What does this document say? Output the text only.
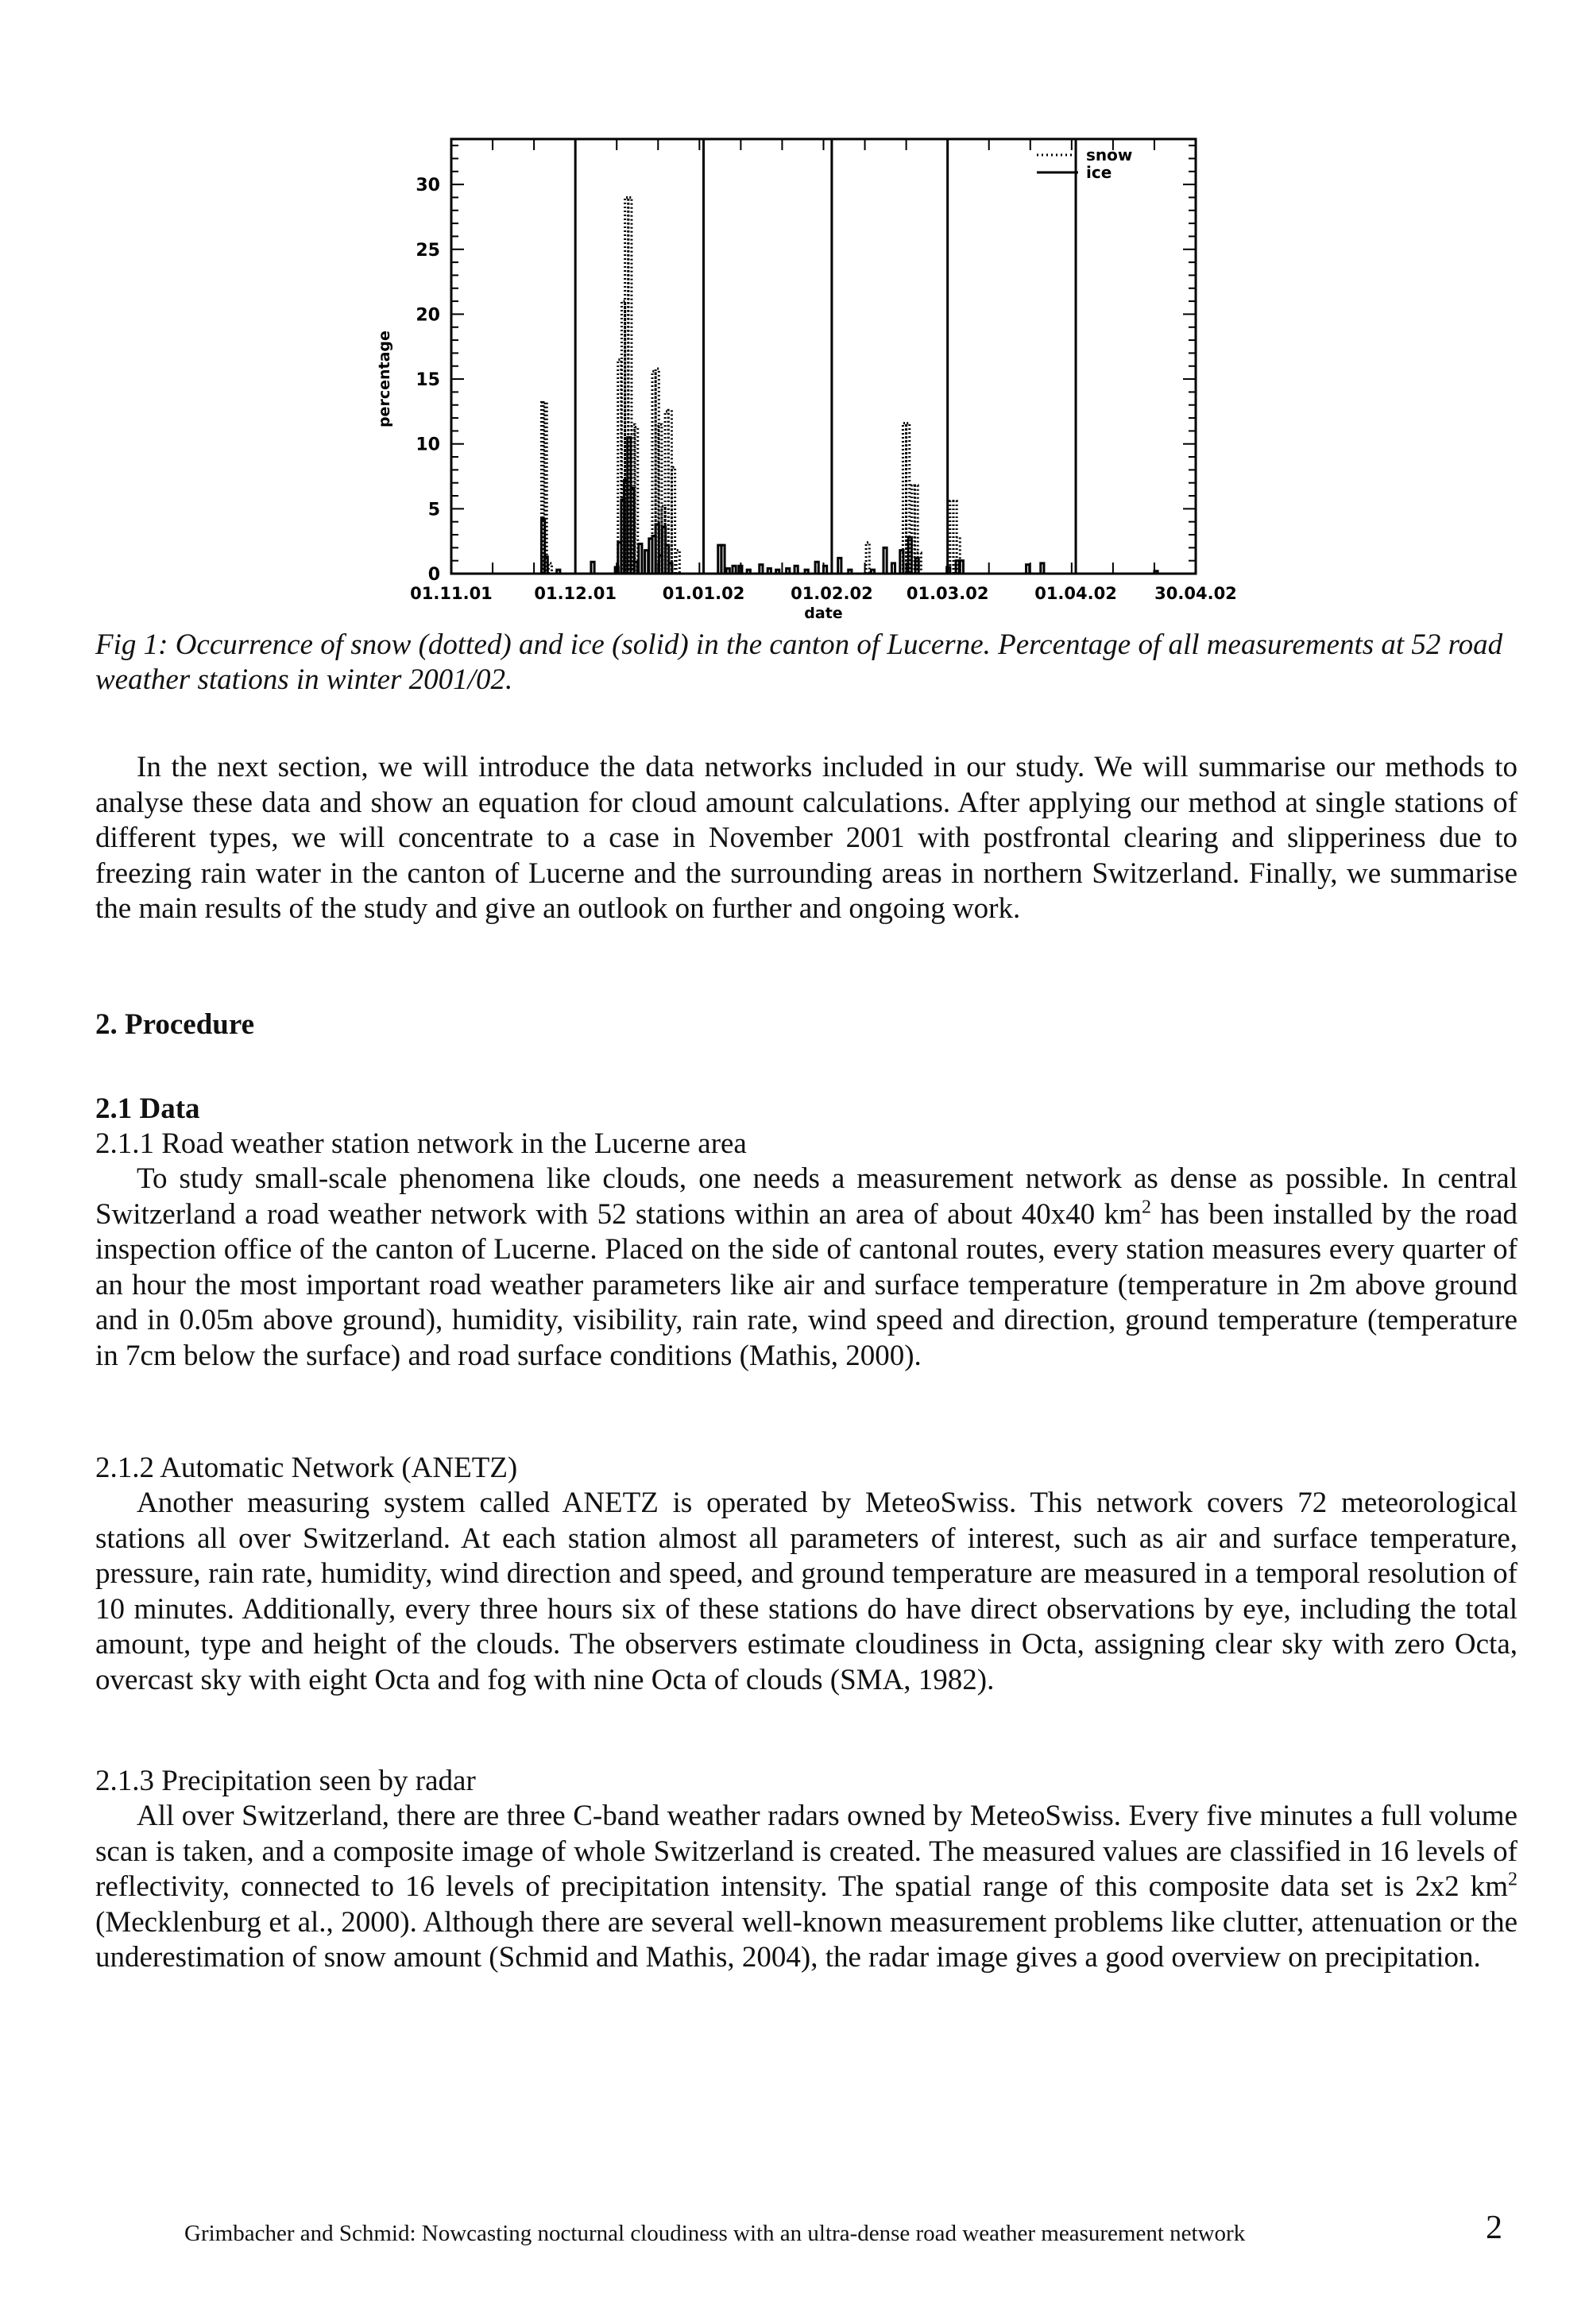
0
5
10
15
20
25
30
01.11.01	01.12.01	01.01.02	01.02.02 01.03.02	01.04.02 30.04.02
date
percentage
snow
ice
Fig 1: Occurrence of snow (dotted) and ice (solid) in the canton of Lucerne. Percentage of all measurements at 52 road weather stations in winter 2001/02.
In the next section, we will introduce the data networks included in our study. We will summarise our methods to analyse these data and show an equation for cloud amount calculations. After applying our method at single stations of different types, we will concentrate to a case in November 2001 with postfrontal clearing and slipperiness due to freezing rain water in the canton of Lucerne and the surrounding areas in northern Switzerland. Finally, we summarise the main results of the study and give an outlook on further and ongoing work.
2. Procedure
2.1 Data
2.1.1 Road weather station network in the Lucerne area
To study small-scale phenomena like clouds, one needs a measurement network as dense as possible. In central Switzerland a road weather network with 52 stations within an area of about 40x40 $km^2$ has been installed by the road inspection office of the canton of Lucerne. Placed on the side of cantonal routes, every station measures every quarter of an hour the most important road weather parameters like air and surface temperature (temperature in 2m above ground and in 0.05m above ground), humidity, visibility, rain rate, wind speed and direction, ground temperature (temperature in 7cm below the surface) and road surface conditions (Mathis, 2000).
2.1.2 Automatic Network (ANETZ)
Another measuring system called ANETZ is operated by MeteoSwiss. This network covers 72 meteorological stations all over Switzerland. At each station almost all parameters of interest, such as air and surface temperature, pressure, rain rate, humidity, wind direction and speed, and ground temperature are measured in a temporal resolution of 10 minutes. Additionally, every three hours six of these stations do have direct observations by eye, including the total amount, type and height of the clouds. The observers estimate cloudiness in Octa, assigning clear sky with zero Octa, overcast sky with eight Octa and fog with nine Octa of clouds (SMA, 1982).
2.1.3 Precipitation seen by radar
All over Switzerland, there are three C-band weather radars owned by MeteoSwiss. Every five minutes a full volume scan is taken, and a composite image of whole Switzerland is created. The measured values are classified in 16 levels of reflectivity, connected to 16 levels of precipitation intensity. The spatial range of this composite data set is 2x2 $km^2$ (Mecklenburg et al., 2000). Although there are several well-known measurement problems like clutter, attenuation or the underestimation of snow amount (Schmid and Mathis, 2004), the radar image gives a good overview on precipitation.
Grimbacher and Schmid: Nowcasting nocturnal cloudiness with an ultra-dense road weather measurement network	2
